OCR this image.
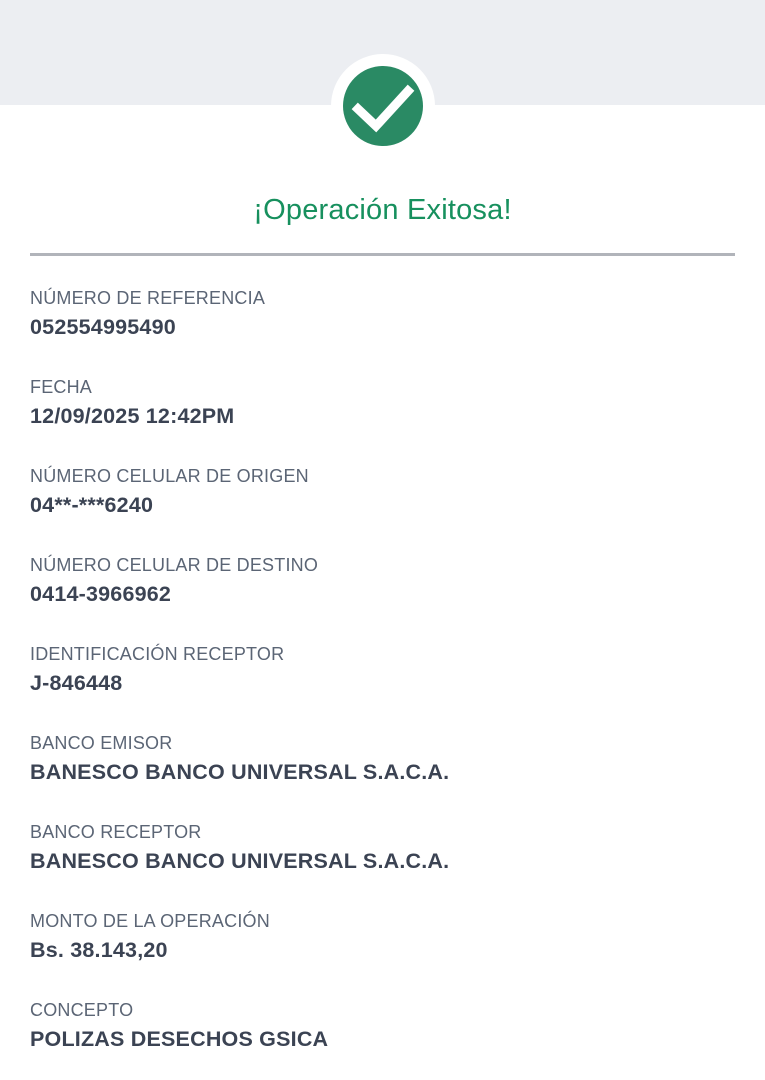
¡Operación Exitosa!
NÚMERO DE REFERENCIA
052554995490
FECHA
12/09/2025 12:42PM
NÚMERO CELULAR DE ORIGEN
04**-***6240
NÚMERO CELULAR DE DESTINO
0414-3966962
IDENTIFICACIÓN RECEPTOR
J-846448
BANCO EMISOR
BANESCO BANCO UNIVERSAL S.A.C.A.
BANCO RECEPTOR
BANESCO BANCO UNIVERSAL S.A.C.A.
MONTO DE LA OPERACIÓN
Bs. 38.143,20
CONCEPTO
POLIZAS DESECHOS GSICA
